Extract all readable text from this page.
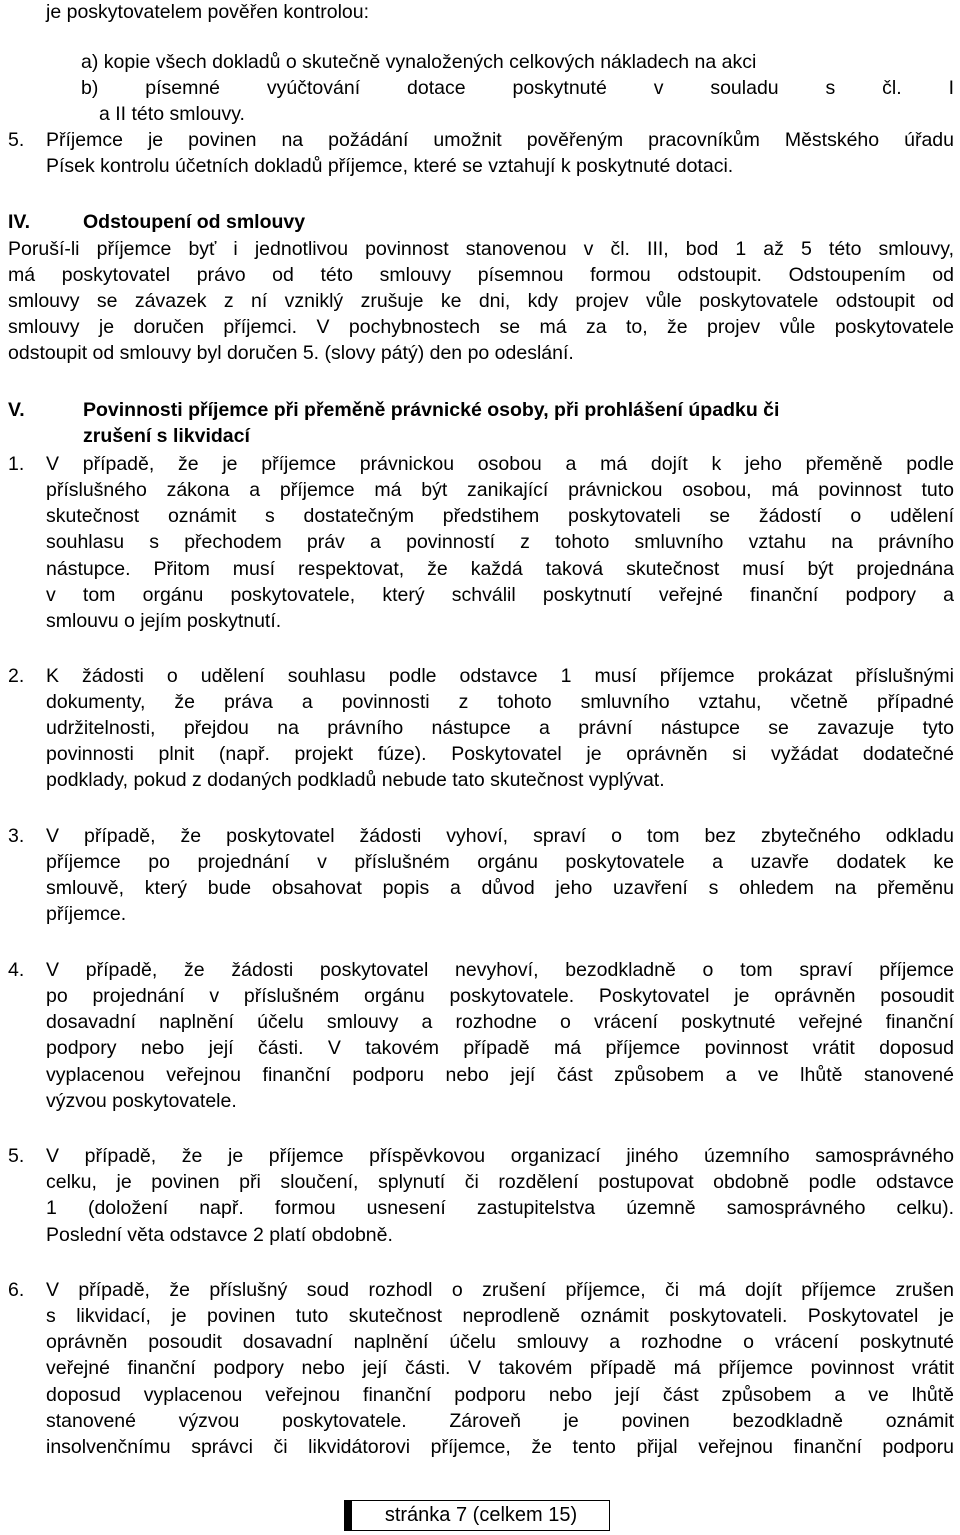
je poskytovatelem pověřen kontrolou:
a) kopie všech dokladů o skutečně vynaložených celkových nákladech na akci
b) písemné vyúčtování dotace poskytnuté v souladu s čl. I
a II této smlouvy.
5. Příjemce je povinen na požádání umožnit pověřeným pracovníkům Městského úřadu
Písek kontrolu účetních dokladů příjemce, které se vztahují k poskytnuté dotaci.
IV.	Odstoupení od smlouvy
Poruší-li příjemce byť i jednotlivou povinnost stanovenou v čl. III, bod 1 až 5 této smlouvy,
má poskytovatel právo od této smlouvy písemnou formou odstoupit. Odstoupením od
smlouvy se závazek z ní vzniklý zrušuje ke dni, kdy projev vůle poskytovatele odstoupit od
smlouvy je doručen příjemci. V pochybnostech se má za to, že projev vůle poskytovatele
odstoupit od smlouvy byl doručen 5. (slovy pátý) den po odeslání.
V.	Povinnosti příjemce při přeměně právnické osoby, při prohlášení úpadku či
zrušení s likvidací
1. V případě, že je příjemce právnickou osobou a má dojít k jeho přeměně podle
příslušného zákona a příjemce má být zanikající právnickou osobou, má povinnost tuto
skutečnost oznámit s dostatečným předstihem poskytovateli se žádostí o udělení
souhlasu s přechodem práv a povinností z tohoto smluvního vztahu na právního
nástupce. Přitom musí respektovat, že každá taková skutečnost musí být projednána
v tom orgánu poskytovatele, který schválil poskytnutí veřejné finanční podpory a
smlouvu o jejím poskytnutí.
2. K žádosti o udělení souhlasu podle odstavce 1 musí příjemce prokázat příslušnými
dokumenty, že práva a povinnosti z tohoto smluvního vztahu, včetně případné
udržitelnosti, přejdou na právního nástupce a právní nástupce se zavazuje tyto
povinnosti plnit (např. projekt fúze). Poskytovatel je oprávněn si vyžádat dodatečné
podklady, pokud z dodaných podkladů nebude tato skutečnost vyplývat.
3. V případě, že poskytovatel žádosti vyhoví, spraví o tom bez zbytečného odkladu
příjemce po projednání v příslušném orgánu poskytovatele a uzavře dodatek ke
smlouvě, který bude obsahovat popis a důvod jeho uzavření s ohledem na přeměnu
příjemce.
4. V případě, že žádosti poskytovatel nevyhoví, bezodkladně o tom spraví příjemce
po projednání v příslušném orgánu poskytovatele. Poskytovatel je oprávněn posoudit
dosavadní naplnění účelu smlouvy a rozhodne o vrácení poskytnuté veřejné finanční
podpory nebo její části. V takovém případě má příjemce povinnost vrátit doposud
vyplacenou veřejnou finanční podporu nebo její část způsobem a ve lhůtě stanovené
výzvou poskytovatele.
5. V případě, že je příjemce příspěvkovou organizací jiného územního samosprávného
celku, je povinen při sloučení, splynutí či rozdělení postupovat obdobně podle odstavce
1 (doložení např. formou usnesení zastupitelstva územně samosprávného celku).
Poslední věta odstavce 2 platí obdobně.
6. V případě, že příslušný soud rozhodl o zrušení příjemce, či má dojít příjemce zrušen
s likvidací, je povinen tuto skutečnost neprodleně oznámit poskytovateli. Poskytovatel je
oprávněn posoudit dosavadní naplnění účelu smlouvy a rozhodne o vrácení poskytnuté
veřejné finanční podpory nebo její části. V takovém případě má příjemce povinnost vrátit
doposud vyplacenou veřejnou finanční podporu nebo její část způsobem a ve lhůtě
stanovené výzvou poskytovatele. Zároveň je povinen bezodkladně oznámit
insolvenčnímu správci či likvidátorovi příjemce, že tento přijal veřejnou finanční podporu
stránka 7 (celkem 15)
